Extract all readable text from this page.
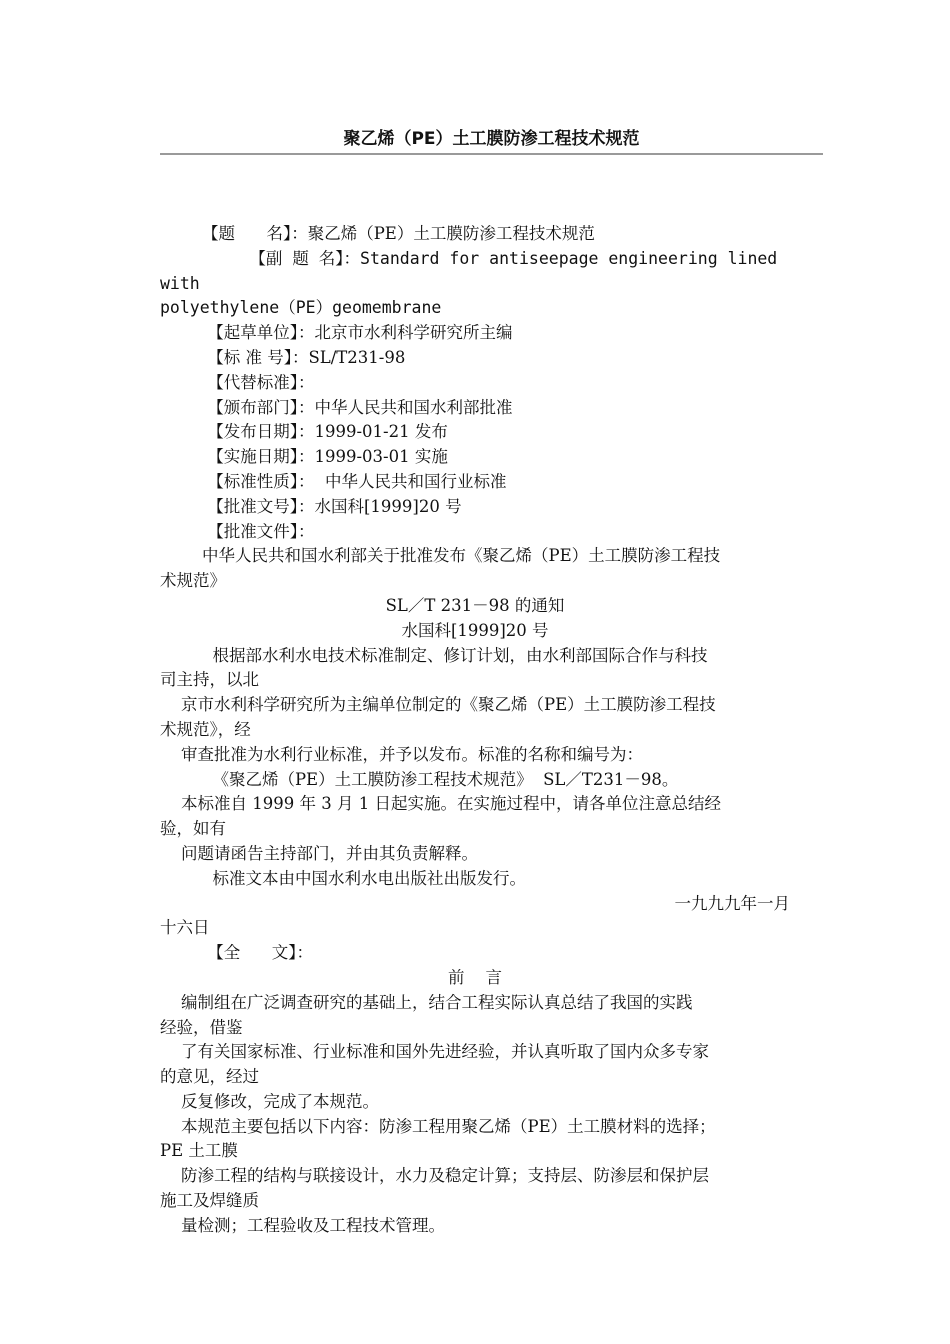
聚乙烯（PE）土工膜防渗工程技术规范
【题      名】：聚乙烯（PE）土工膜防渗工程技术规范
【副 题 名】：Standard for antiseepage engineering lined with
polyethylene（PE）geomembrane
【起草单位】：北京市水利科学研究所主编
【标 准 号】：SL/T231-98
【代替标准】：
【颁布部门】：中华人民共和国水利部批准
【发布日期】：1999-01-21 发布
【实施日期】：1999-03-01 实施
【标准性质】：  中华人民共和国行业标准
【批准文号】：水国科[1999]20 号
【批准文件】：
中华人民共和国水利部关于批准发布《聚乙烯（PE）土工膜防渗工程技
术规范》
SL／T 231－98 的通知
水国科[1999]20 号
根据部水利水电技术标准制定、修订计划，由水利部国际合作与科技
司主持，以北
京市水利科学研究所为主编单位制定的《聚乙烯（PE）土工膜防渗工程技
术规范》，经
审查批准为水利行业标准，并予以发布。标准的名称和编号为：
《聚乙烯（PE）土工膜防渗工程技术规范》  SL／T231－98。
本标准自 1999 年 3 月 1 日起实施。在实施过程中，请各单位注意总结经
验，如有
问题请函告主持部门，并由其负责解释。
标准文本由中国水利水电出版社出版发行。
一九九九年一月
十六日
【全      文】：
前    言
编制组在广泛调查研究的基础上，结合工程实际认真总结了我国的实践
经验，借鉴
了有关国家标准、行业标准和国外先进经验，并认真听取了国内众多专家
的意见，经过
反复修改，完成了本规范。
本规范主要包括以下内容：防渗工程用聚乙烯（PE）土工膜材料的选择；
PE 土工膜
防渗工程的结构与联接设计，水力及稳定计算；支持层、防渗层和保护层
施工及焊缝质
量检测；工程验收及工程技术管理。
